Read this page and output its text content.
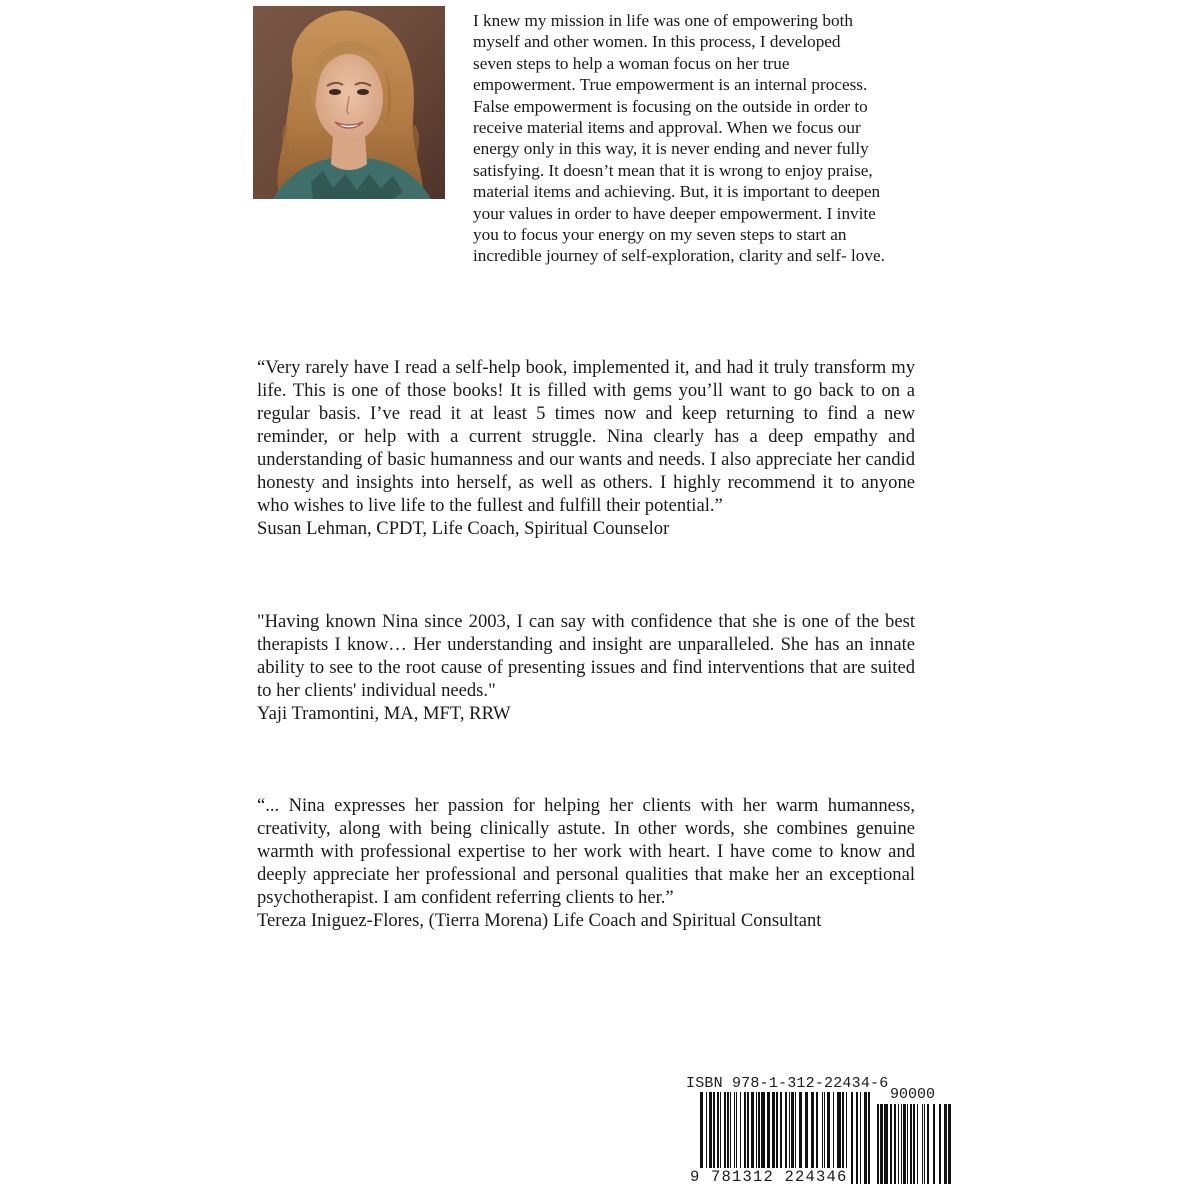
I knew my mission in life was one of empowering both
myself and other women. In this process, I developed
seven steps to help a woman focus on her true
empowerment. True empowerment is an internal process.
False empowerment is focusing on the outside in order to
receive material items and approval. When we focus our
energy only in this way, it is never ending and never fully
satisfying. It doesn’t mean that it is wrong to enjoy praise,
material items and achieving. But, it is important to deepen
your values in order to have deeper empowerment. I invite
you to focus your energy on my seven steps to start an
incredible journey of self-exploration, clarity and self- love.

“Very rarely have I read a self-help book, implemented it, and had it truly transform my life. This is one of those books! It is filled with gems you’ll want to go back to on a regular basis. I’ve read it at least 5 times now and keep returning to find a new reminder, or help with a current struggle. Nina clearly has a deep empathy and understanding of basic humanness and our wants and needs. I also appreciate her candid honesty and insights into herself, as well as others. I highly recommend it to anyone who wishes to live life to the fullest and fulfill their potential.”

Susan Lehman, CPDT, Life Coach, Spiritual Counselor

"Having known Nina since 2003, I can say with confidence that she is one of the best therapists I know… Her understanding and insight are unparalleled. She has an innate ability to see to the root cause of presenting issues and find interventions that are suited to her clients' individual needs."

Yaji Tramontini, MA, MFT, RRW

“... Nina expresses her passion for helping her clients with her warm humanness, creativity, along with being clinically astute. In other words, she combines genuine warmth with professional expertise to her work with heart. I have come to know and deeply appreciate her professional and personal qualities that make her an exceptional psychotherapist. I am confident referring clients to her.”

Tereza Iniguez-Flores, (Tierra Morena) Life Coach and Spiritual Consultant

ISBN 978-1-312-22434-6

90000

9 781312 224346
